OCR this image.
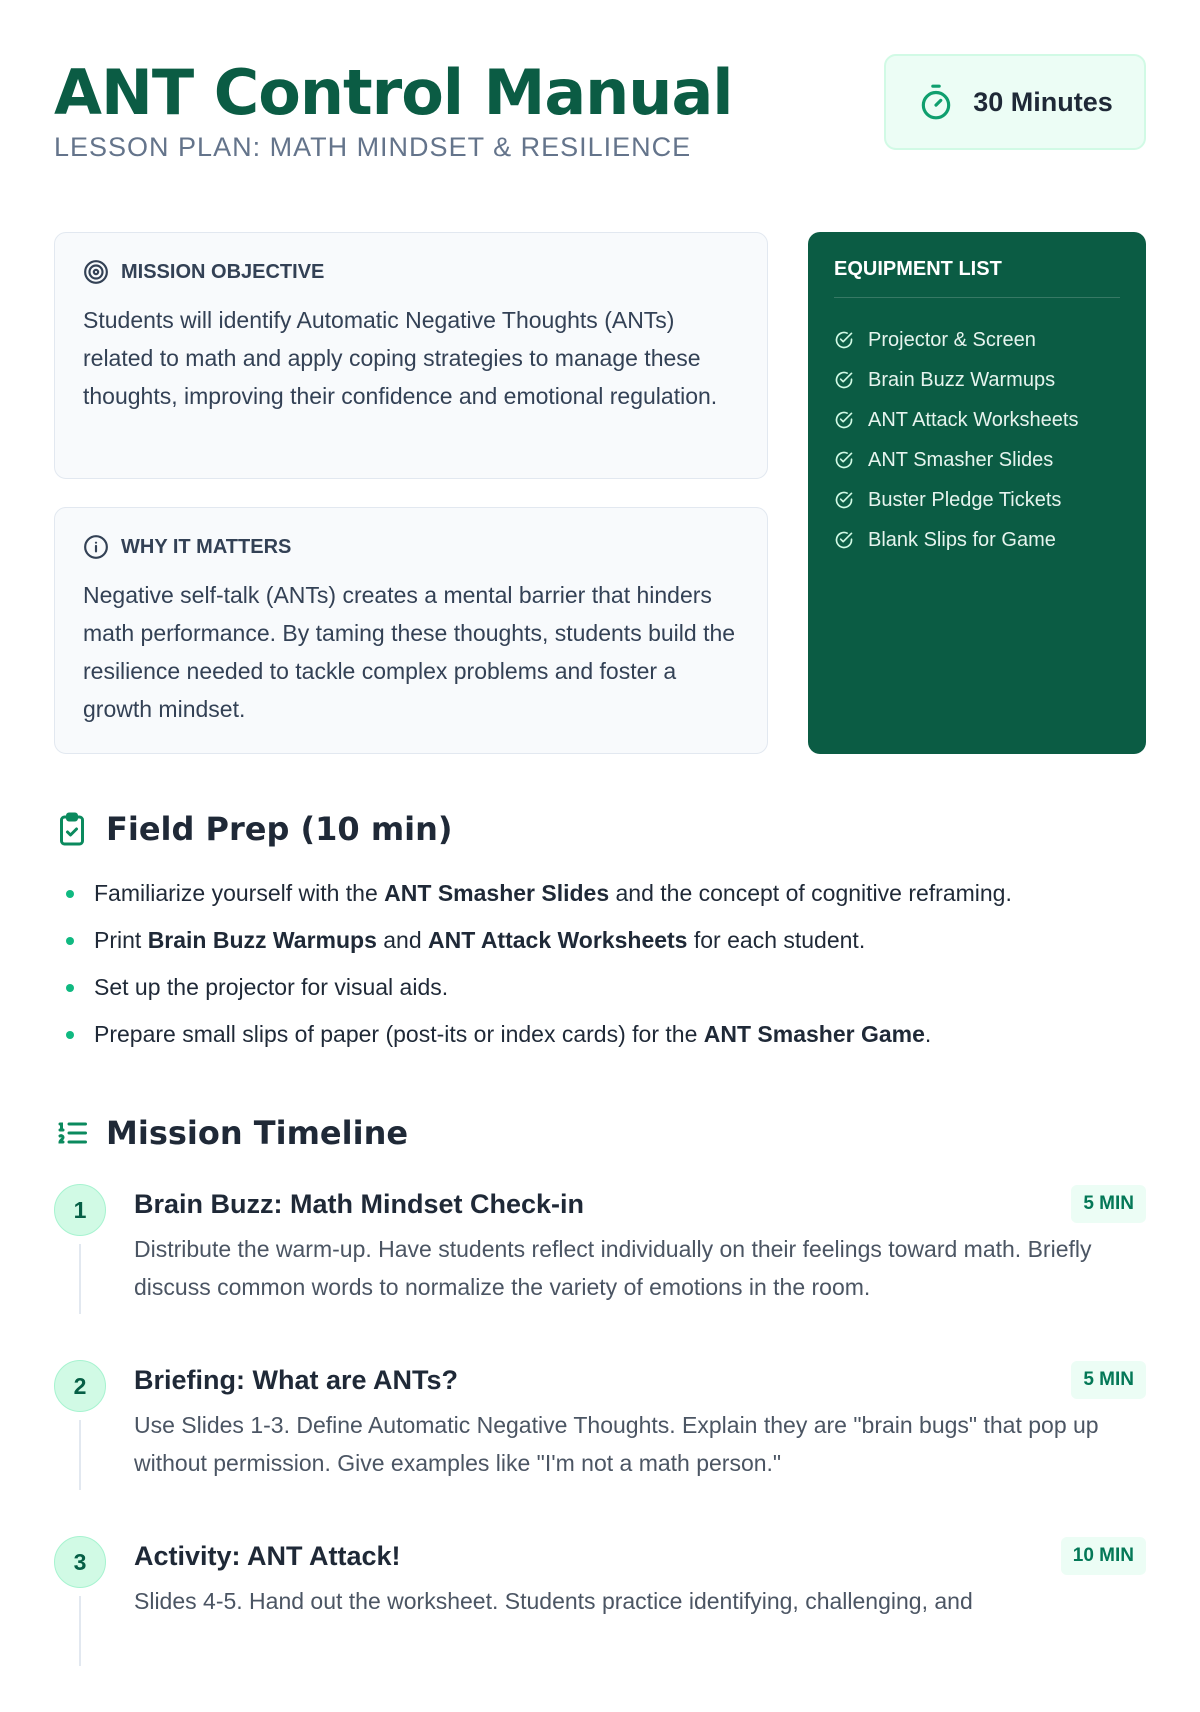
ANT Control Manual
LESSON PLAN: MATH MINDSET & RESILIENCE
30 Minutes
MISSION OBJECTIVE

Students will identify Automatic Negative Thoughts (ANTs) related to math and apply coping strategies to manage these thoughts, improving their confidence and emotional regulation.

WHY IT MATTERS

Negative self-talk (ANTs) creates a mental barrier that hinders math performance. By taming these thoughts, students build the resilience needed to tackle complex problems and foster a growth mindset.

EQUIPMENT LIST
Projector & Screen
Brain Buzz Warmups
ANT Attack Worksheets
ANT Smasher Slides
Buster Pledge Tickets
Blank Slips for Game
Field Prep (10 min)
Familiarize yourself with the ANT Smasher Slides and the concept of cognitive reframing.
Print Brain Buzz Warmups and ANT Attack Worksheets for each student.
Set up the projector for visual aids.
Prepare small slips of paper (post-its or index cards) for the ANT Smasher Game.
Mission Timeline
1	Brain Buzz: Math Mindset Check-in	5 MIN

Distribute the warm-up. Have students reflect individually on their feelings toward math. Briefly discuss common words to normalize the variety of emotions in the room.

2	Briefing: What are ANTs?	5 MIN

Use Slides 1-3. Define Automatic Negative Thoughts. Explain they are "brain bugs" that pop up without permission. Give examples like "I'm not a math person."

3	Activity: ANT Attack!	10 MIN

Slides 4-5. Hand out the worksheet. Students practice identifying, challenging, and
